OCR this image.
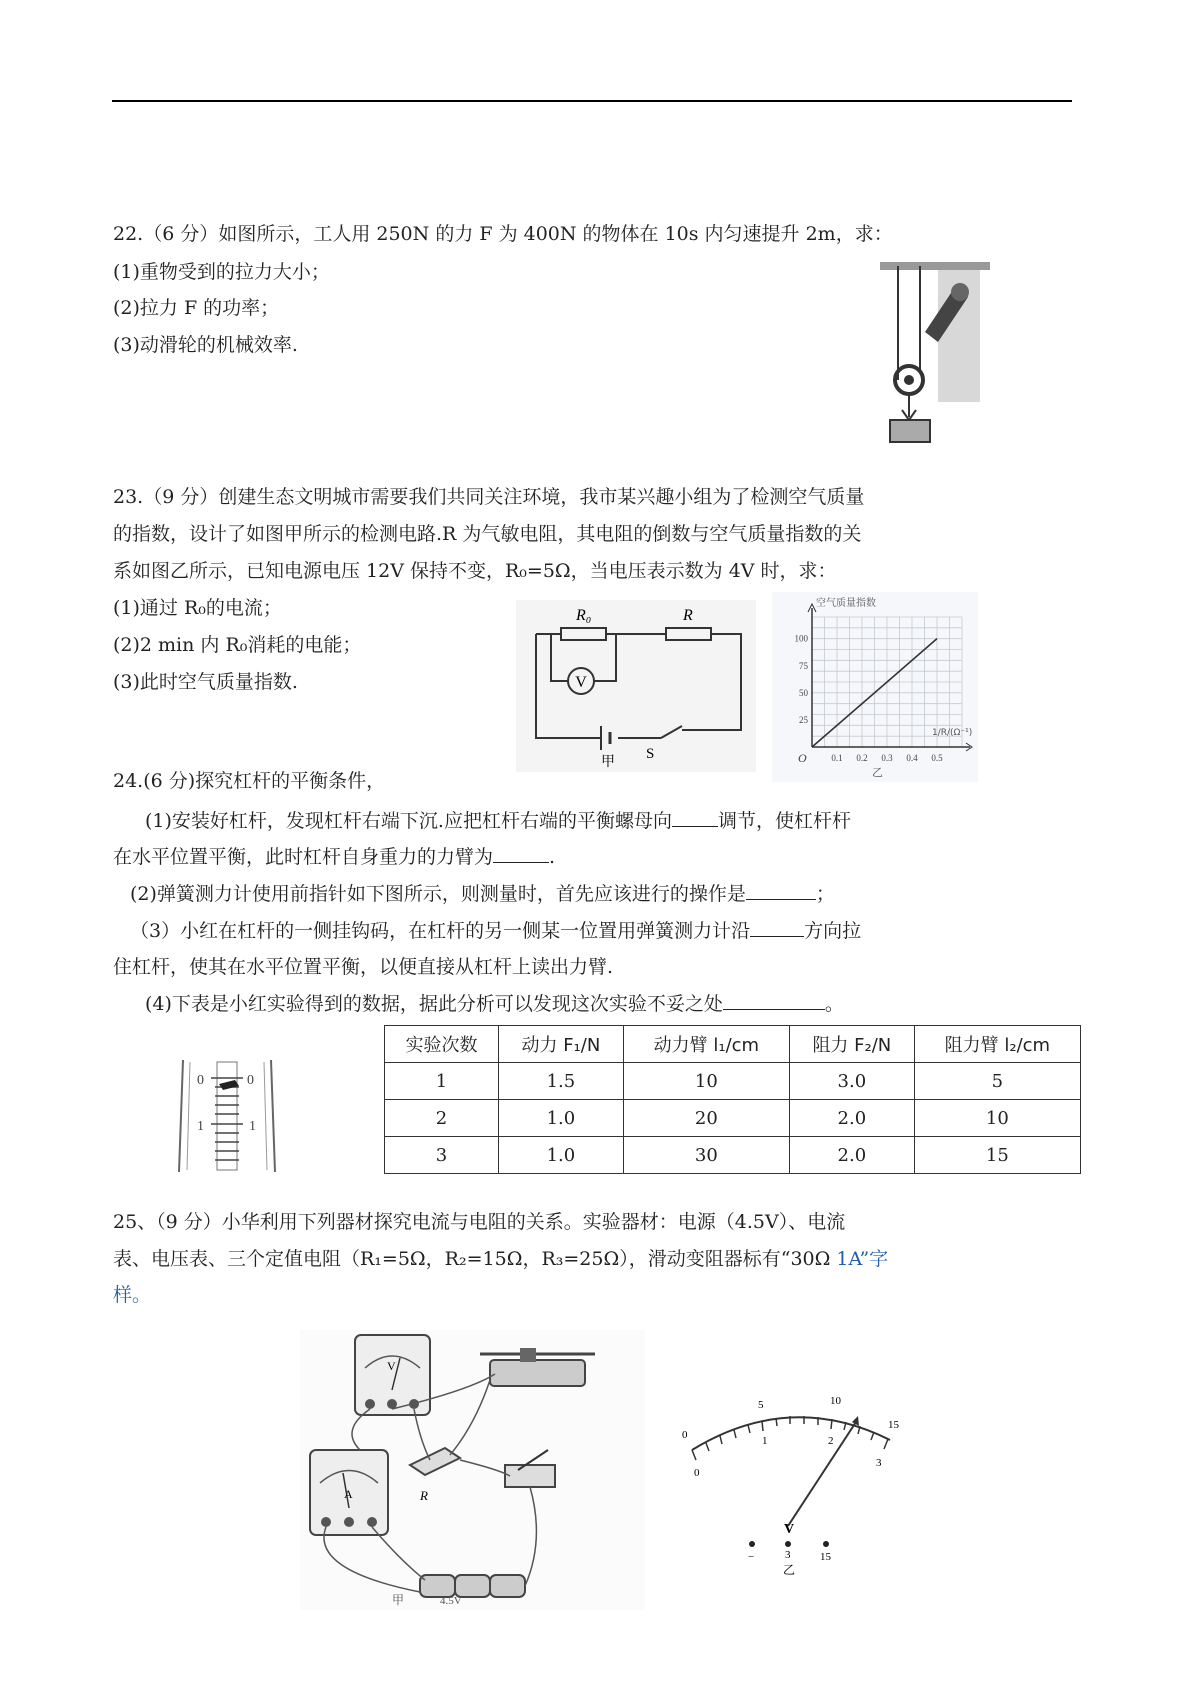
22.（6 分）如图所示，工人用 250N 的力 F 为 400N 的物体在 10s 内匀速提升 2m，求：
(1)重物受到的拉力大小；
(2)拉力 F 的功率；
(3)动滑轮的机械效率.
23.（9 分）创建生态文明城市需要我们共同关注环境，我市某兴趣小组为了检测空气质量
的指数，设计了如图甲所示的检测电路.R 为气敏电阻，其电阻的倒数与空气质量指数的关
系如图乙所示，已知电源电压 12V 保持不变，R₀=5Ω，当电压表示数为 4V 时，求：
(1)通过 R₀的电流；
(2)2 min 内 R₀消耗的电能；
(3)此时空气质量指数.	V
R₀	R
甲 S	0.1 0.2 0.3 0.4 0.5
25
50
75
100
空气质量指数
1/R/(Ω⁻¹)
O
乙
24.(6 分)探究杠杆的平衡条件，
(1)安装好杠杆，发现杠杆右端下沉.应把杠杆右端的平衡螺母向 调节，使杠杆杆
在水平位置平衡，此时杠杆自身重力的力臂为	.
(2)弹簧测力计使用前指针如下图所示，则测量时，首先应该进行的操作是	；
（3）小红在杠杆的一侧挂钩码，在杠杆的另一侧某一位置用弹簧测力计沿	方向拉
住杠杆，使其在水平位置平衡，以便直接从杠杆上读出力臂.
(4)下表是小红实验得到的数据，据此分析可以发现这次实验不妥之处	。
0	0
1	1
实验次数	动力 F₁/N	动力臂 l₁/cm	阻力 F₂/N	阻力臂 l₂/cm
1	1.5	10	3.0	5
2	1.0	20	2.0	10
3	1.0	30	2.0	15
25、（9 分）小华利用下列器材探究电流与电阻的关系。实验器材：电源（4.5V）、电流
表、电压表、三个定值电阻（R₁=5Ω，R₂=15Ω，R₃=25Ω），滑动变阻器标有“30Ω 1A”字
样。
V
A	R
甲	4.5V
0
5	10
15
0
1	2
3
V
−	3	15
乙
